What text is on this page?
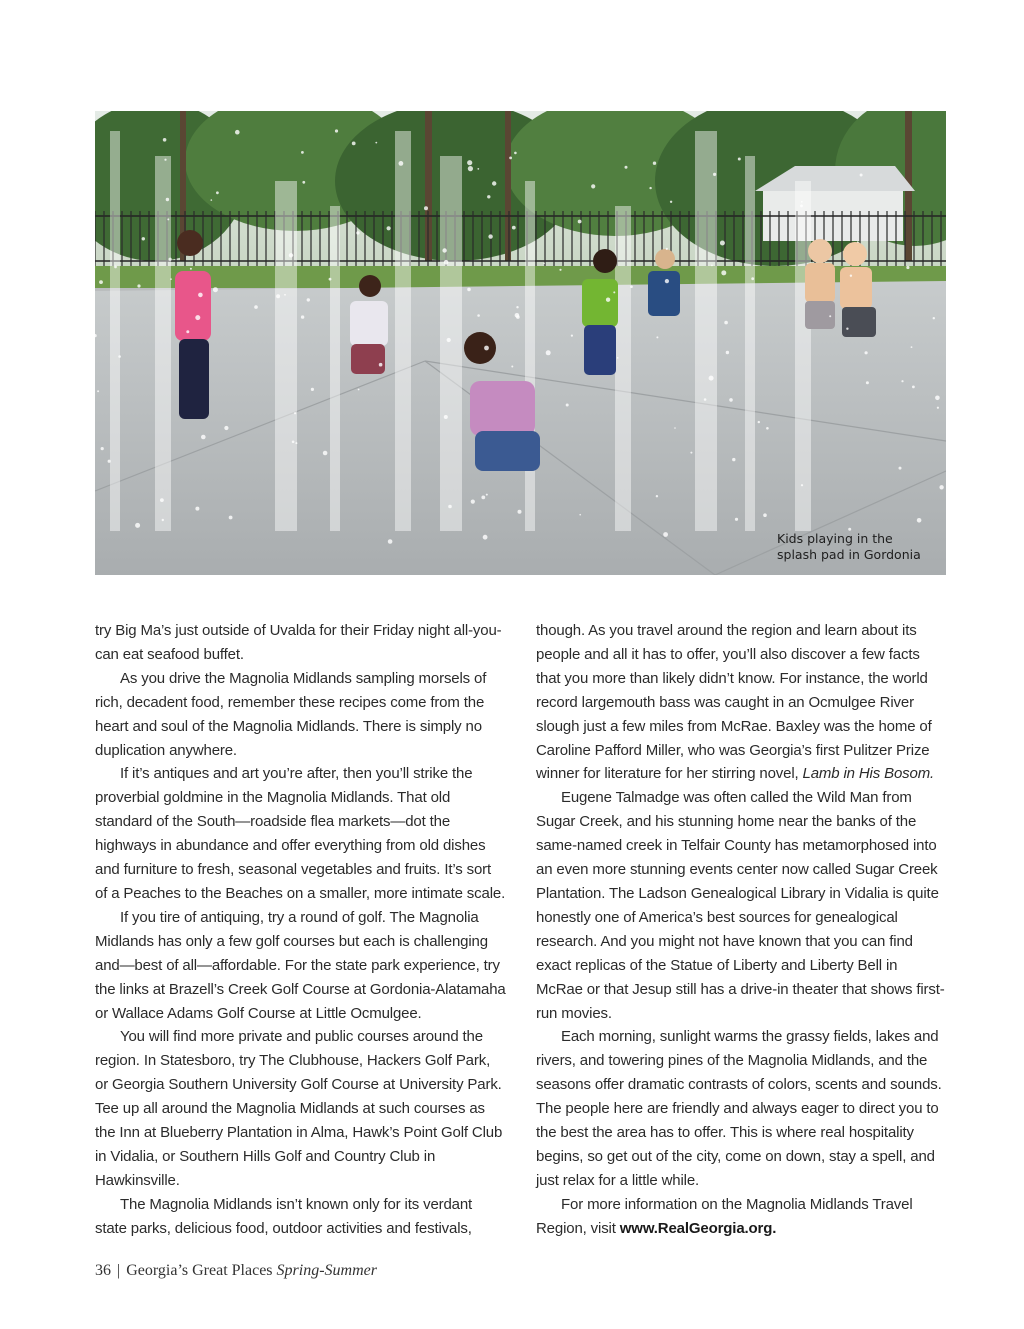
Kids playing in the
splash pad in Gordonia

try Big Ma’s just outside of Uvalda for their Friday night all-you-can eat seafood buffet.

As you drive the Magnolia Midlands sampling morsels of rich, decadent food, remember these recipes come from the heart and soul of the Magnolia Midlands. There is simply no duplication anywhere.

If it’s antiques and art you’re after, then you’ll strike the proverbial goldmine in the Magnolia Midlands. That old standard of the South—roadside flea markets—dot the highways in abundance and offer everything from old dishes and furniture to fresh, seasonal vegetables and fruits. It’s sort of a Peaches to the Beaches on a smaller, more intimate scale.

If you tire of antiquing, try a round of golf. The Magnolia Midlands has only a few golf courses but each is challenging and—best of all—affordable. For the state park experience, try the links at Brazell’s Creek Golf Course at Gordonia-Alatamaha or Wallace Adams Golf Course at Little Ocmulgee.

You will find more private and public courses around the region. In Statesboro, try The Clubhouse, Hackers Golf Park, or Georgia Southern University Golf Course at University Park. Tee up all around the Magnolia Midlands at such courses as the Inn at Blueberry Plantation in Alma, Hawk’s Point Golf Club in Vidalia, or Southern Hills Golf and Country Club in Hawkinsville.

The Magnolia Midlands isn’t known only for its verdant state parks, delicious food, outdoor activities and festivals,

though. As you travel around the region and learn about its people and all it has to offer, you’ll also discover a few facts that you more than likely didn’t know. For instance, the world record largemouth bass was caught in an Ocmulgee River slough just a few miles from McRae. Baxley was the home of Caroline Pafford Miller, who was Georgia’s first Pulitzer Prize winner for literature for her stirring novel, Lamb in His Bosom.

Eugene Talmadge was often called the Wild Man from Sugar Creek, and his stunning home near the banks of the same-named creek in Telfair County has metamorphosed into an even more stunning events center now called Sugar Creek Plantation. The Ladson Genealogical Library in Vidalia is quite honestly one of America’s best sources for genealogical research. And you might not have known that you can find exact replicas of the Statue of Liberty and Liberty Bell in McRae or that Jesup still has a drive-in theater that shows first-run movies.

Each morning, sunlight warms the grassy fields, lakes and rivers, and towering pines of the Magnolia Midlands, and the seasons offer dramatic contrasts of colors, scents and sounds. The people here are friendly and always eager to direct you to the best the area has to offer. This is where real hospitality begins, so get out of the city, come on down, stay a spell, and just relax for a little while.

For more information on the Magnolia Midlands Travel Region, visit www.RealGeorgia.org.

36 | Georgia’s Great Places Spring-Summer
